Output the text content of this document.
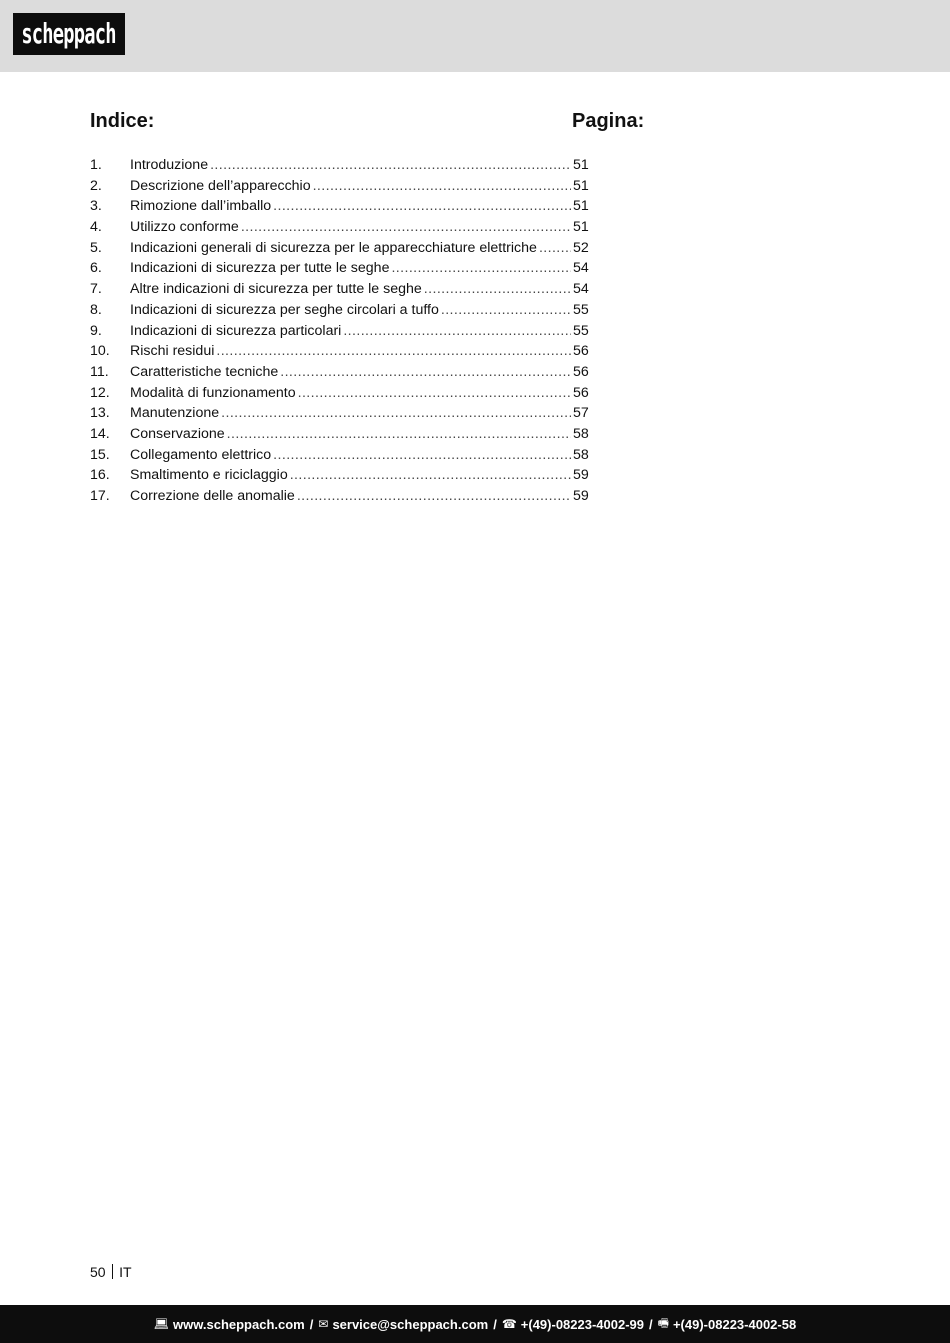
scheppach
Indice:	Pagina:
1.	Introduzione .....	51
2.	Descrizione dell’apparecchio .....	51
3.	Rimozione dall’imballo .....	51
4.	Utilizzo conforme .....	51
5.	Indicazioni generali di sicurezza per le apparecchiature elettriche .....	52
6.	Indicazioni di sicurezza per tutte le seghe .....	54
7.	Altre indicazioni di sicurezza per tutte le seghe .....	54
8.	Indicazioni di sicurezza per seghe circolari a tuffo .....	55
9.	Indicazioni di sicurezza particolari .....	55
10.	Rischi residui .....	56
11.	Caratteristiche tecniche .....	56
12.	Modalità di funzionamento .....	56
13.	Manutenzione .....	57
14.	Conservazione .....	58
15.	Collegamento elettrico .....	58
16.	Smaltimento e riciclaggio .....	59
17.	Correzione delle anomalie .....	59
50 IT
💻︎ www.scheppach.com / ✉︎ service@scheppach.com / ☎︎ +(49)-08223-4002-99 / 🖷︎ +(49)-08223-4002-58
